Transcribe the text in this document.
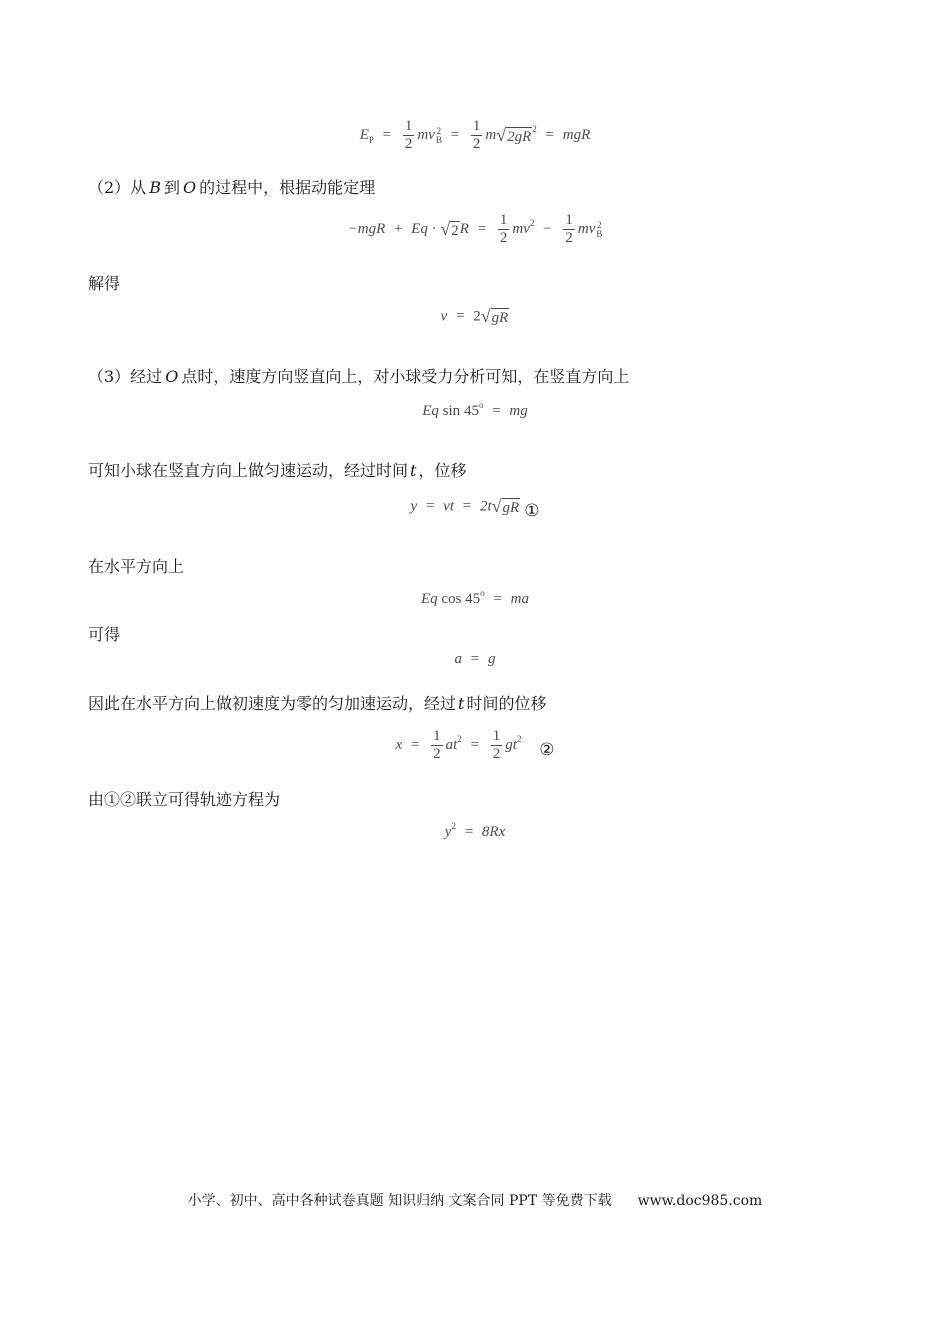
$E_P = \frac{1}{2}$ mv 2
$B = \frac{1}{2}$ m √ 2gR $^2$ = mgR
（2）从 B 到 O 的过程中，根据动能定理
−mgR + Eq · √ 2 $R = \frac{1}{2} mv^2 - \frac{1}{2}$ mv 2
B
解得
v = 2 √ gR
（3）经过 O 点时，速度方向竖直向上，对小球受力分析可知，在竖直方向上
Eq $\sin 45^o$ = mg
可知小球在竖直方向上做匀速运动，经过时间 t ，位移
y = vt = 2t √ gR ①
在水平方向上
Eq $\cos 45^o$ = ma
可得
a = g
因此在水平方向上做初速度为零的匀加速运动，经过 t 时间的位移
$x = \frac{1}{2} at^2 = \frac{1}{2} gt^2$ ②
由①②联立可得轨迹方程为
$y^2 = 8Rx$
小学、初中、高中各种试卷真题 知识归纳 文案合同 PPT 等免费下载 www.doc985.com
